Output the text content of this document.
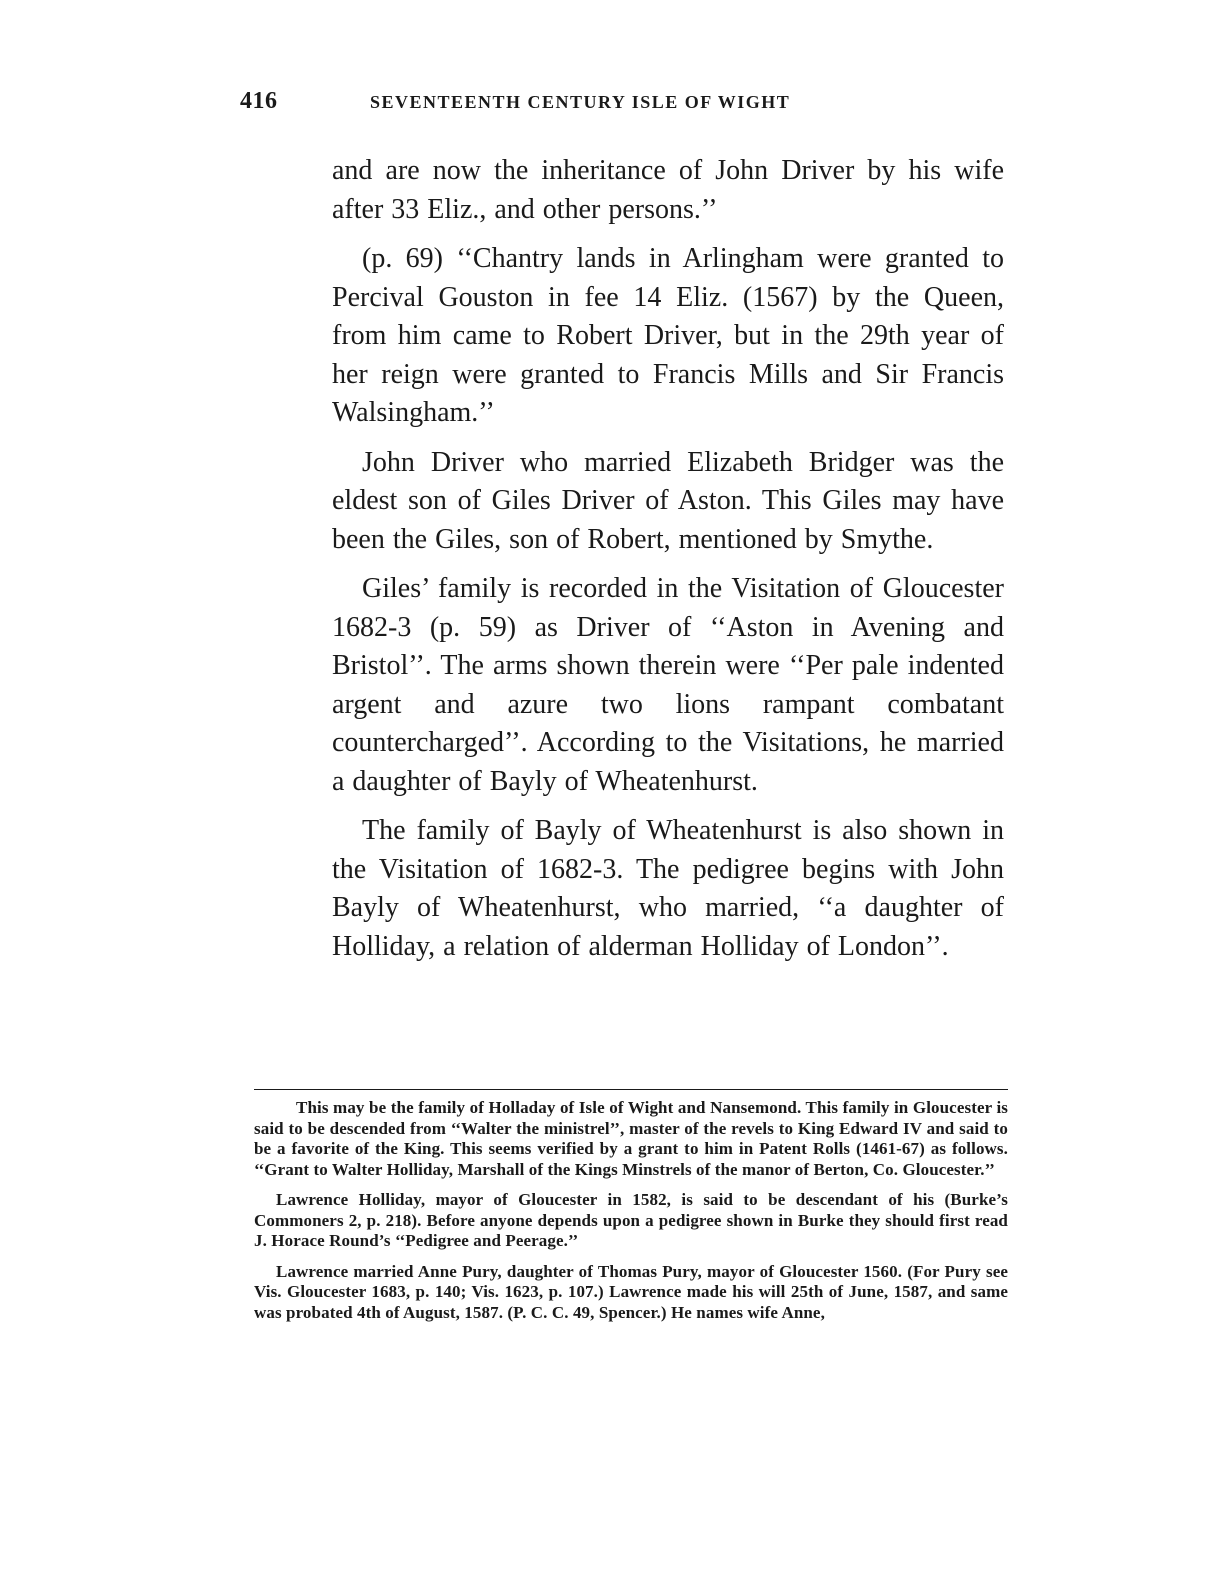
416	SEVENTEENTH CENTURY ISLE OF WIGHT

and are now the inheritance of John Driver by his wife after 33 Eliz., and other persons.’’

(p. 69) ‘‘Chantry lands in Arlingham were granted to Percival Gouston in fee 14 Eliz. (1567) by the Queen, from him came to Robert Driver, but in the 29th year of her reign were granted to Francis Mills and Sir Francis Walsingham.’’

John Driver who married Elizabeth Bridger was the eldest son of Giles Driver of Aston. This Giles may have been the Giles, son of Robert, mentioned by Smythe.

Giles’ family is recorded in the Visitation of Gloucester 1682-3 (p. 59) as Driver of ‘‘Aston in Avening and Bristol’’. The arms shown therein were ‘‘Per pale indented argent and azure two lions rampant combatant countercharged’’. According to the Visitations, he married a daughter of Bayly of Wheatenhurst.

The family of Bayly of Wheatenhurst is also shown in the Visitation of 1682-3. The pedigree begins with John Bayly of Wheatenhurst, who married, ‘‘a daughter of Holliday, a relation of alderman Holliday of London’’.

This may be the family of Holladay of Isle of Wight and Nansemond. This family in Gloucester is said to be descended from ‘‘Walter the ministrel’’, master of the revels to King Edward IV and said to be a favorite of the King. This seems verified by a grant to him in Patent Rolls (1461-67) as follows. ‘‘Grant to Walter Holliday, Marshall of the Kings Minstrels of the manor of Berton, Co. Gloucester.’’

Lawrence Holliday, mayor of Gloucester in 1582, is said to be descendant of his (Burke’s Commoners 2, p. 218). Before anyone depends upon a pedigree shown in Burke they should first read J. Horace Round’s ‘‘Pedigree and Peerage.’’

Lawrence married Anne Pury, daughter of Thomas Pury, mayor of Gloucester 1560. (For Pury see Vis. Gloucester 1683, p. 140; Vis. 1623, p. 107.) Lawrence made his will 25th of June, 1587, and same was probated 4th of August, 1587. (P. C. C. 49, Spencer.) He names wife Anne,
